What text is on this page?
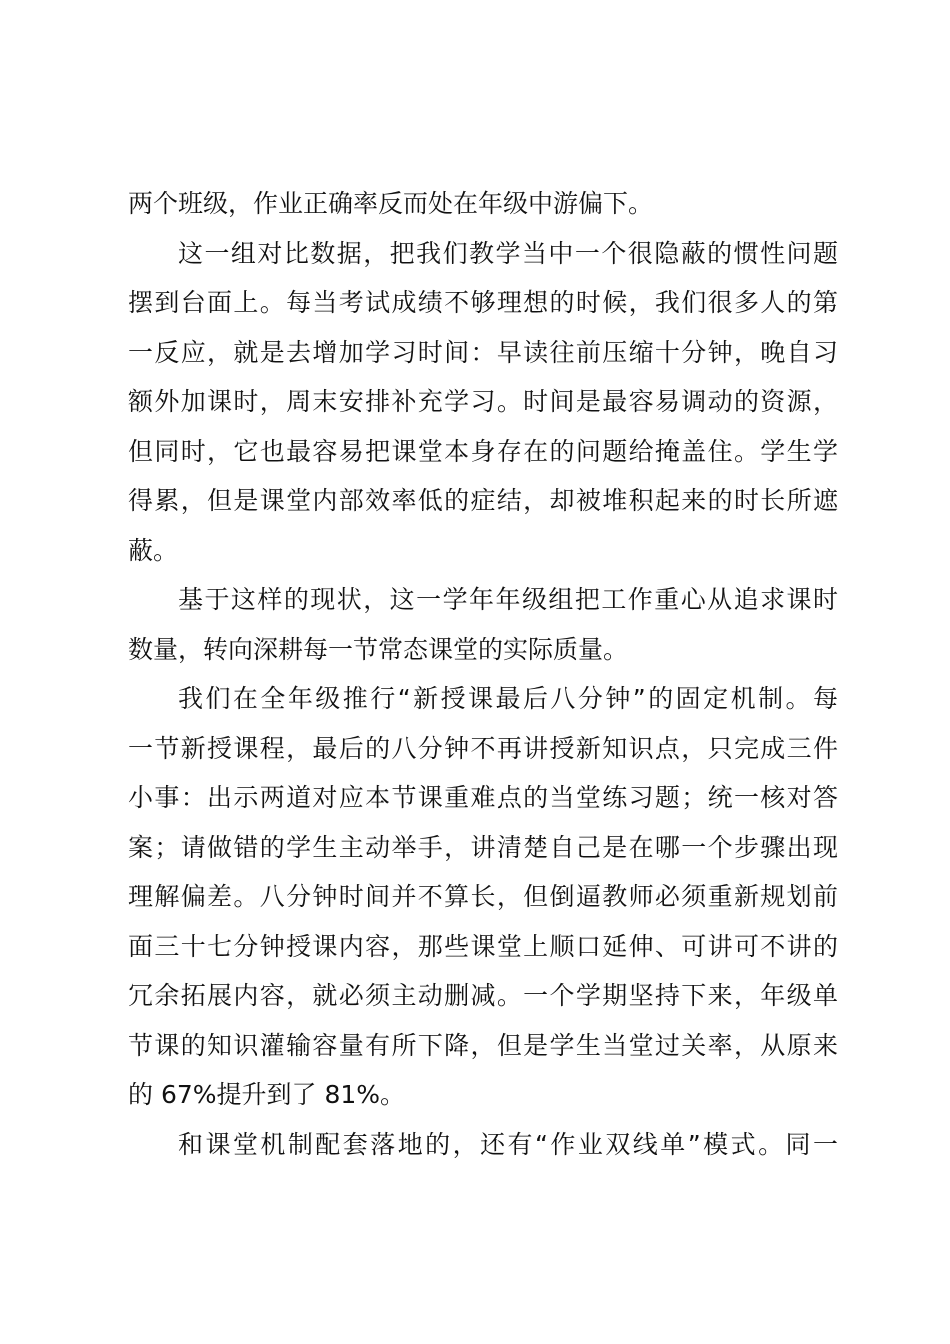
两个班级，作业正确率反而处在年级中游偏下。
这一组对比数据，把我们教学当中一个很隐蔽的惯性问题
摆到台面上。每当考试成绩不够理想的时候，我们很多人的第
一反应，就是去增加学习时间：早读往前压缩十分钟，晚自习
额外加课时，周末安排补充学习。时间是最容易调动的资源，
但同时，它也最容易把课堂本身存在的问题给掩盖住。学生学
得累，但是课堂内部效率低的症结，却被堆积起来的时长所遮
蔽。
基于这样的现状，这一学年年级组把工作重心从追求课时
数量，转向深耕每一节常态课堂的实际质量。
我们在全年级推行“新授课最后八分钟”的固定机制。每
一节新授课程，最后的八分钟不再讲授新知识点，只完成三件
小事：出示两道对应本节课重难点的当堂练习题；统一核对答
案；请做错的学生主动举手，讲清楚自己是在哪一个步骤出现
理解偏差。八分钟时间并不算长，但倒逼教师必须重新规划前
面三十七分钟授课内容，那些课堂上顺口延伸、可讲可不讲的
冗余拓展内容，就必须主动删减。一个学期坚持下来，年级单
节课的知识灌输容量有所下降，但是学生当堂过关率，从原来
的 67%提升到了 81%。
和课堂机制配套落地的，还有“作业双线单”模式。同一
